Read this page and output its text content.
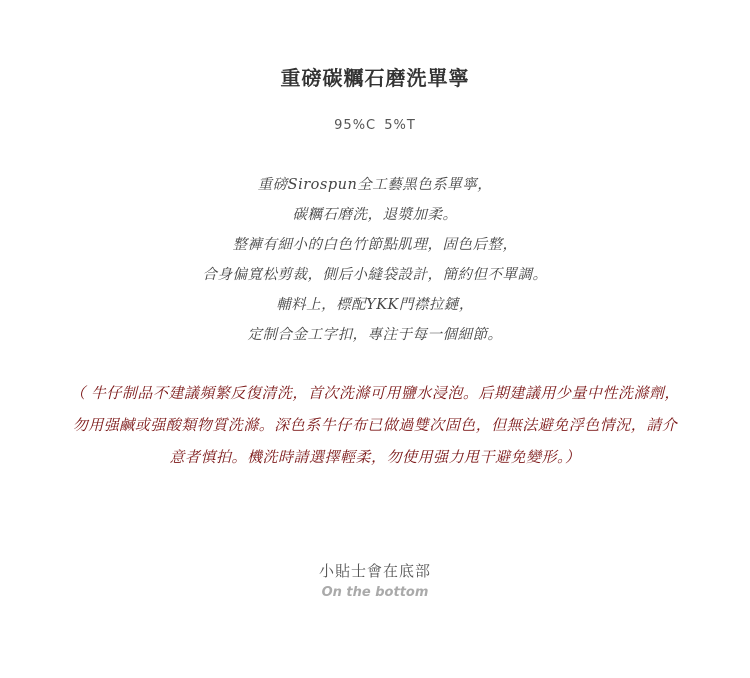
重磅碳糲石磨洗單寧
95%C 5%T
重磅Sirospun全工藝黑色系單寧，
碳糲石磨洗，退漿加柔。
整褲有細小的白色竹節點肌理，固色后整，
合身偏寬松剪裁，側后小縫袋設計，簡約但不單調。
輔料上，標配YKK門襟拉鏈，
定制合金工字扣，專注于每一個細節。
（ 牛仔制品不建議頻繁反復清洗，首次洗滌可用鹽水浸泡。后期建議用少量中性洗滌劑，
勿用强鹹或强酸類物質洗滌。深色系牛仔布已做過雙次固色，但無法避免浮色情況，請介
意者慎拍。機洗時請選擇輕柔，勿使用强力甩干避免變形。）
小貼士會在底部
On the bottom
